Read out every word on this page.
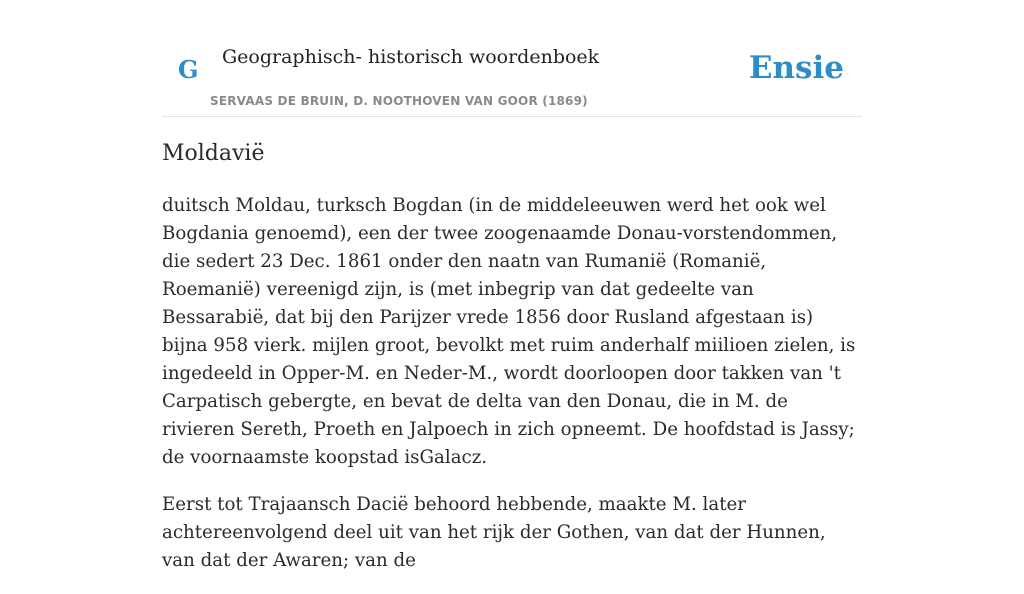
G Geographisch- historisch woordenboek
SERVAAS DE BRUIN, D. NOOTHOVEN VAN GOOR (1869)
Ensie
Moldavië

duitsch Moldau, turksch Bogdan (in de middeleeuwen werd het ook wel Bogdania genoemd), een der twee zoogenaamde Donau-vorstendommen, die sedert 23 Dec. 1861 onder den naatn van Rumanië (Romanië, Roemanië) vereenigd zijn, is (met inbegrip van dat gedeelte van Bessarabië, dat bij den Parijzer vrede 1856 door Rusland afgestaan is) bijna 958 vierk. mijlen groot, bevolkt met ruim anderhalf miilioen zielen, is ingedeeld in Opper-M. en Neder-M., wordt doorloopen door takken van 't Carpatisch gebergte, en bevat de delta van den Donau, die in M. de rivieren Sereth, Proeth en Jalpoech in zich opneemt. De hoofdstad is Jassy; de voornaamste koopstad isGalacz.

Eerst tot Trajaansch Dacië behoord hebbende, maakte M. later achtereenvolgend deel uit van het rijk der Gothen, van dat der Hunnen, van dat der Awaren; van de
